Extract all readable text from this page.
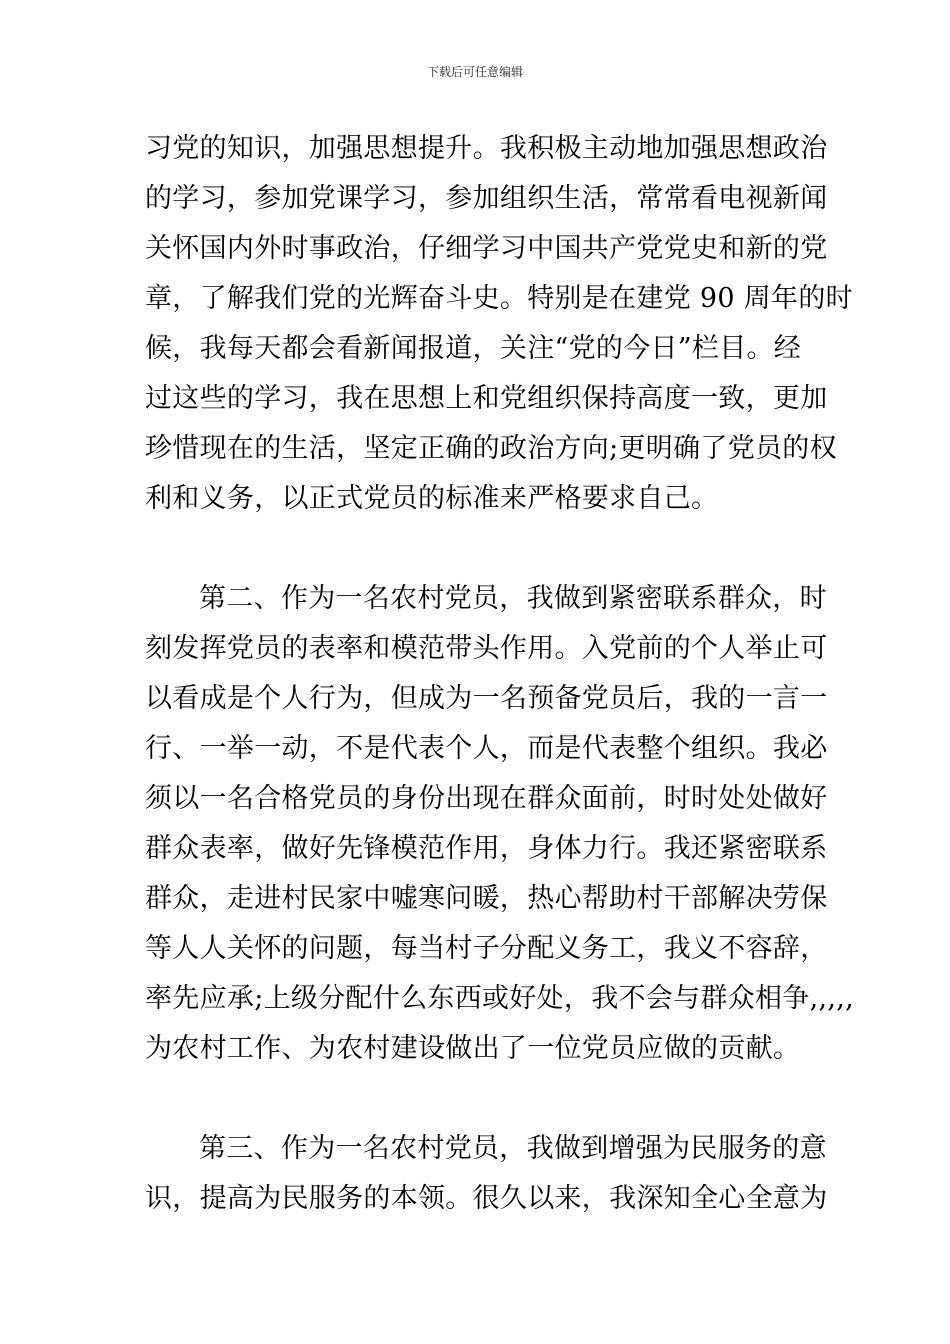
下载后可任意编辑
习党的知识，加强思想提升。我积极主动地加强思想政治
的学习，参加党课学习，参加组织生活，常常看电视新闻
关怀国内外时事政治，仔细学习中国共产党党史和新的党
章，了解我们党的光辉奋斗史。特别是在建党 90 周年的时
候，我每天都会看新闻报道，关注“党的今日”栏目。经
过这些的学习，我在思想上和党组织保持高度一致，更加
珍惜现在的生活，坚定正确的政治方向;更明确了党员的权
利和义务，以正式党员的标准来严格要求自己。
第二、作为一名农村党员，我做到紧密联系群众，时
刻发挥党员的表率和模范带头作用。入党前的个人举止可
以看成是个人行为，但成为一名预备党员后，我的一言一
行、一举一动，不是代表个人，而是代表整个组织。我必
须以一名合格党员的身份出现在群众面前，时时处处做好
群众表率，做好先锋模范作用，身体力行。我还紧密联系
群众，走进村民家中嘘寒问暖，热心帮助村干部解决劳保
等人人关怀的问题，每当村子分配义务工，我义不容辞，
率先应承;上级分配什么东西或好处，我不会与群众相争,,,,,
为农村工作、为农村建设做出了一位党员应做的贡献。
第三、作为一名农村党员，我做到增强为民服务的意
识，提高为民服务的本领。很久以来，我深知全心全意为
